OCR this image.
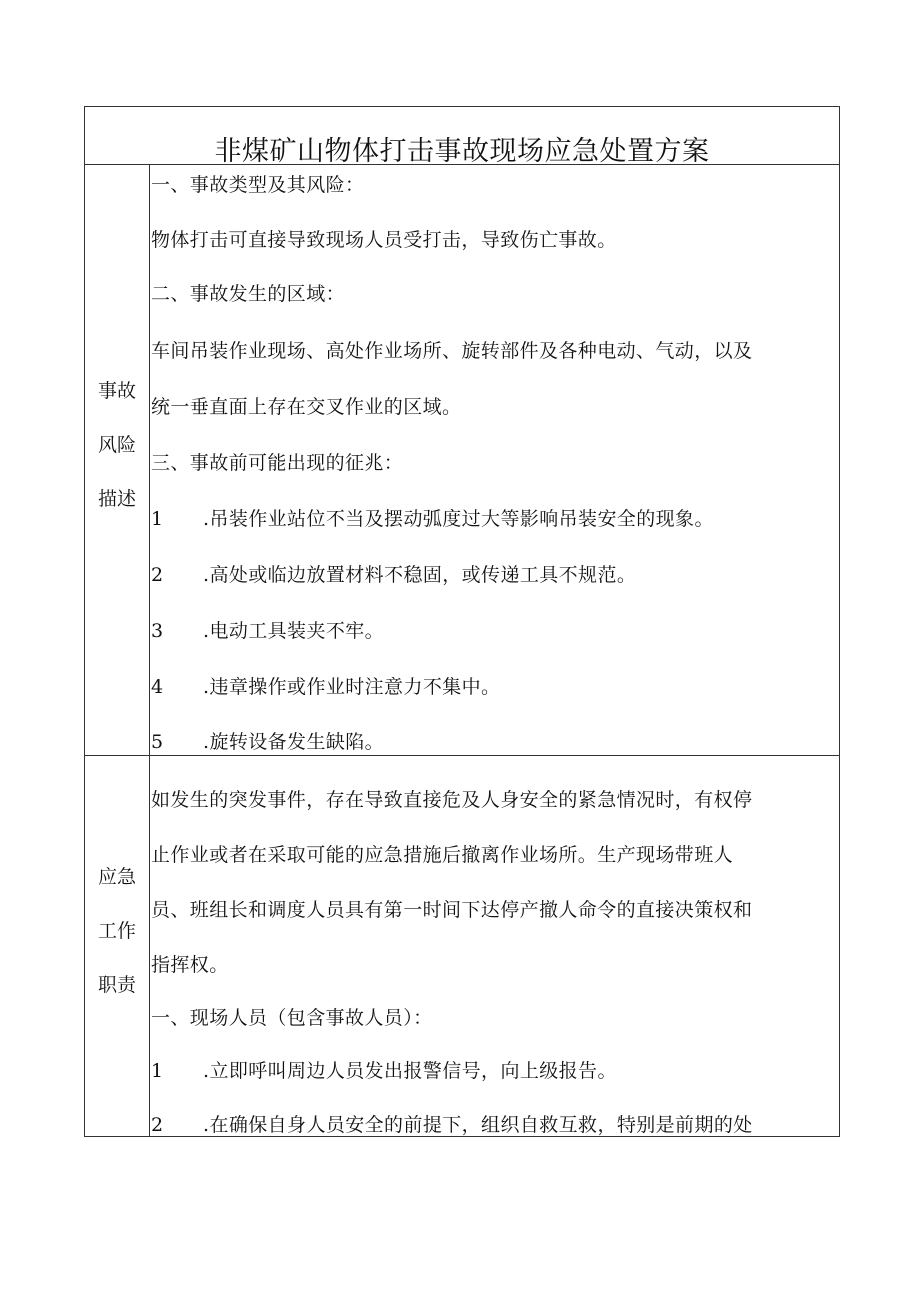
非煤矿山物体打击事故现场应急处置方案
事故
风险
描述
一、事故类型及其风险：
物体打击可直接导致现场人员受打击，导致伤亡事故。
二、事故发生的区域：
车间吊装作业现场、高处作业场所、旋转部件及各种电动、气动，以及
统一垂直面上存在交叉作业的区域。
三、事故前可能出现的征兆：
1 .吊装作业站位不当及摆动弧度过大等影响吊装安全的现象。
2 .高处或临边放置材料不稳固，或传递工具不规范。
3 .电动工具装夹不牢。
4 .违章操作或作业时注意力不集中。
5 .旋转设备发生缺陷。
应急
工作
职责
如发生的突发事件，存在导致直接危及人身安全的紧急情况时，有权停
止作业或者在采取可能的应急措施后撤离作业场所。生产现场带班人
员、班组长和调度人员具有第一时间下达停产撤人命令的直接决策权和
指挥权。
一、现场人员（包含事故人员）：
1 .立即呼叫周边人员发出报警信号，向上级报告。
2 .在确保自身人员安全的前提下，组织自救互救，特别是前期的处
